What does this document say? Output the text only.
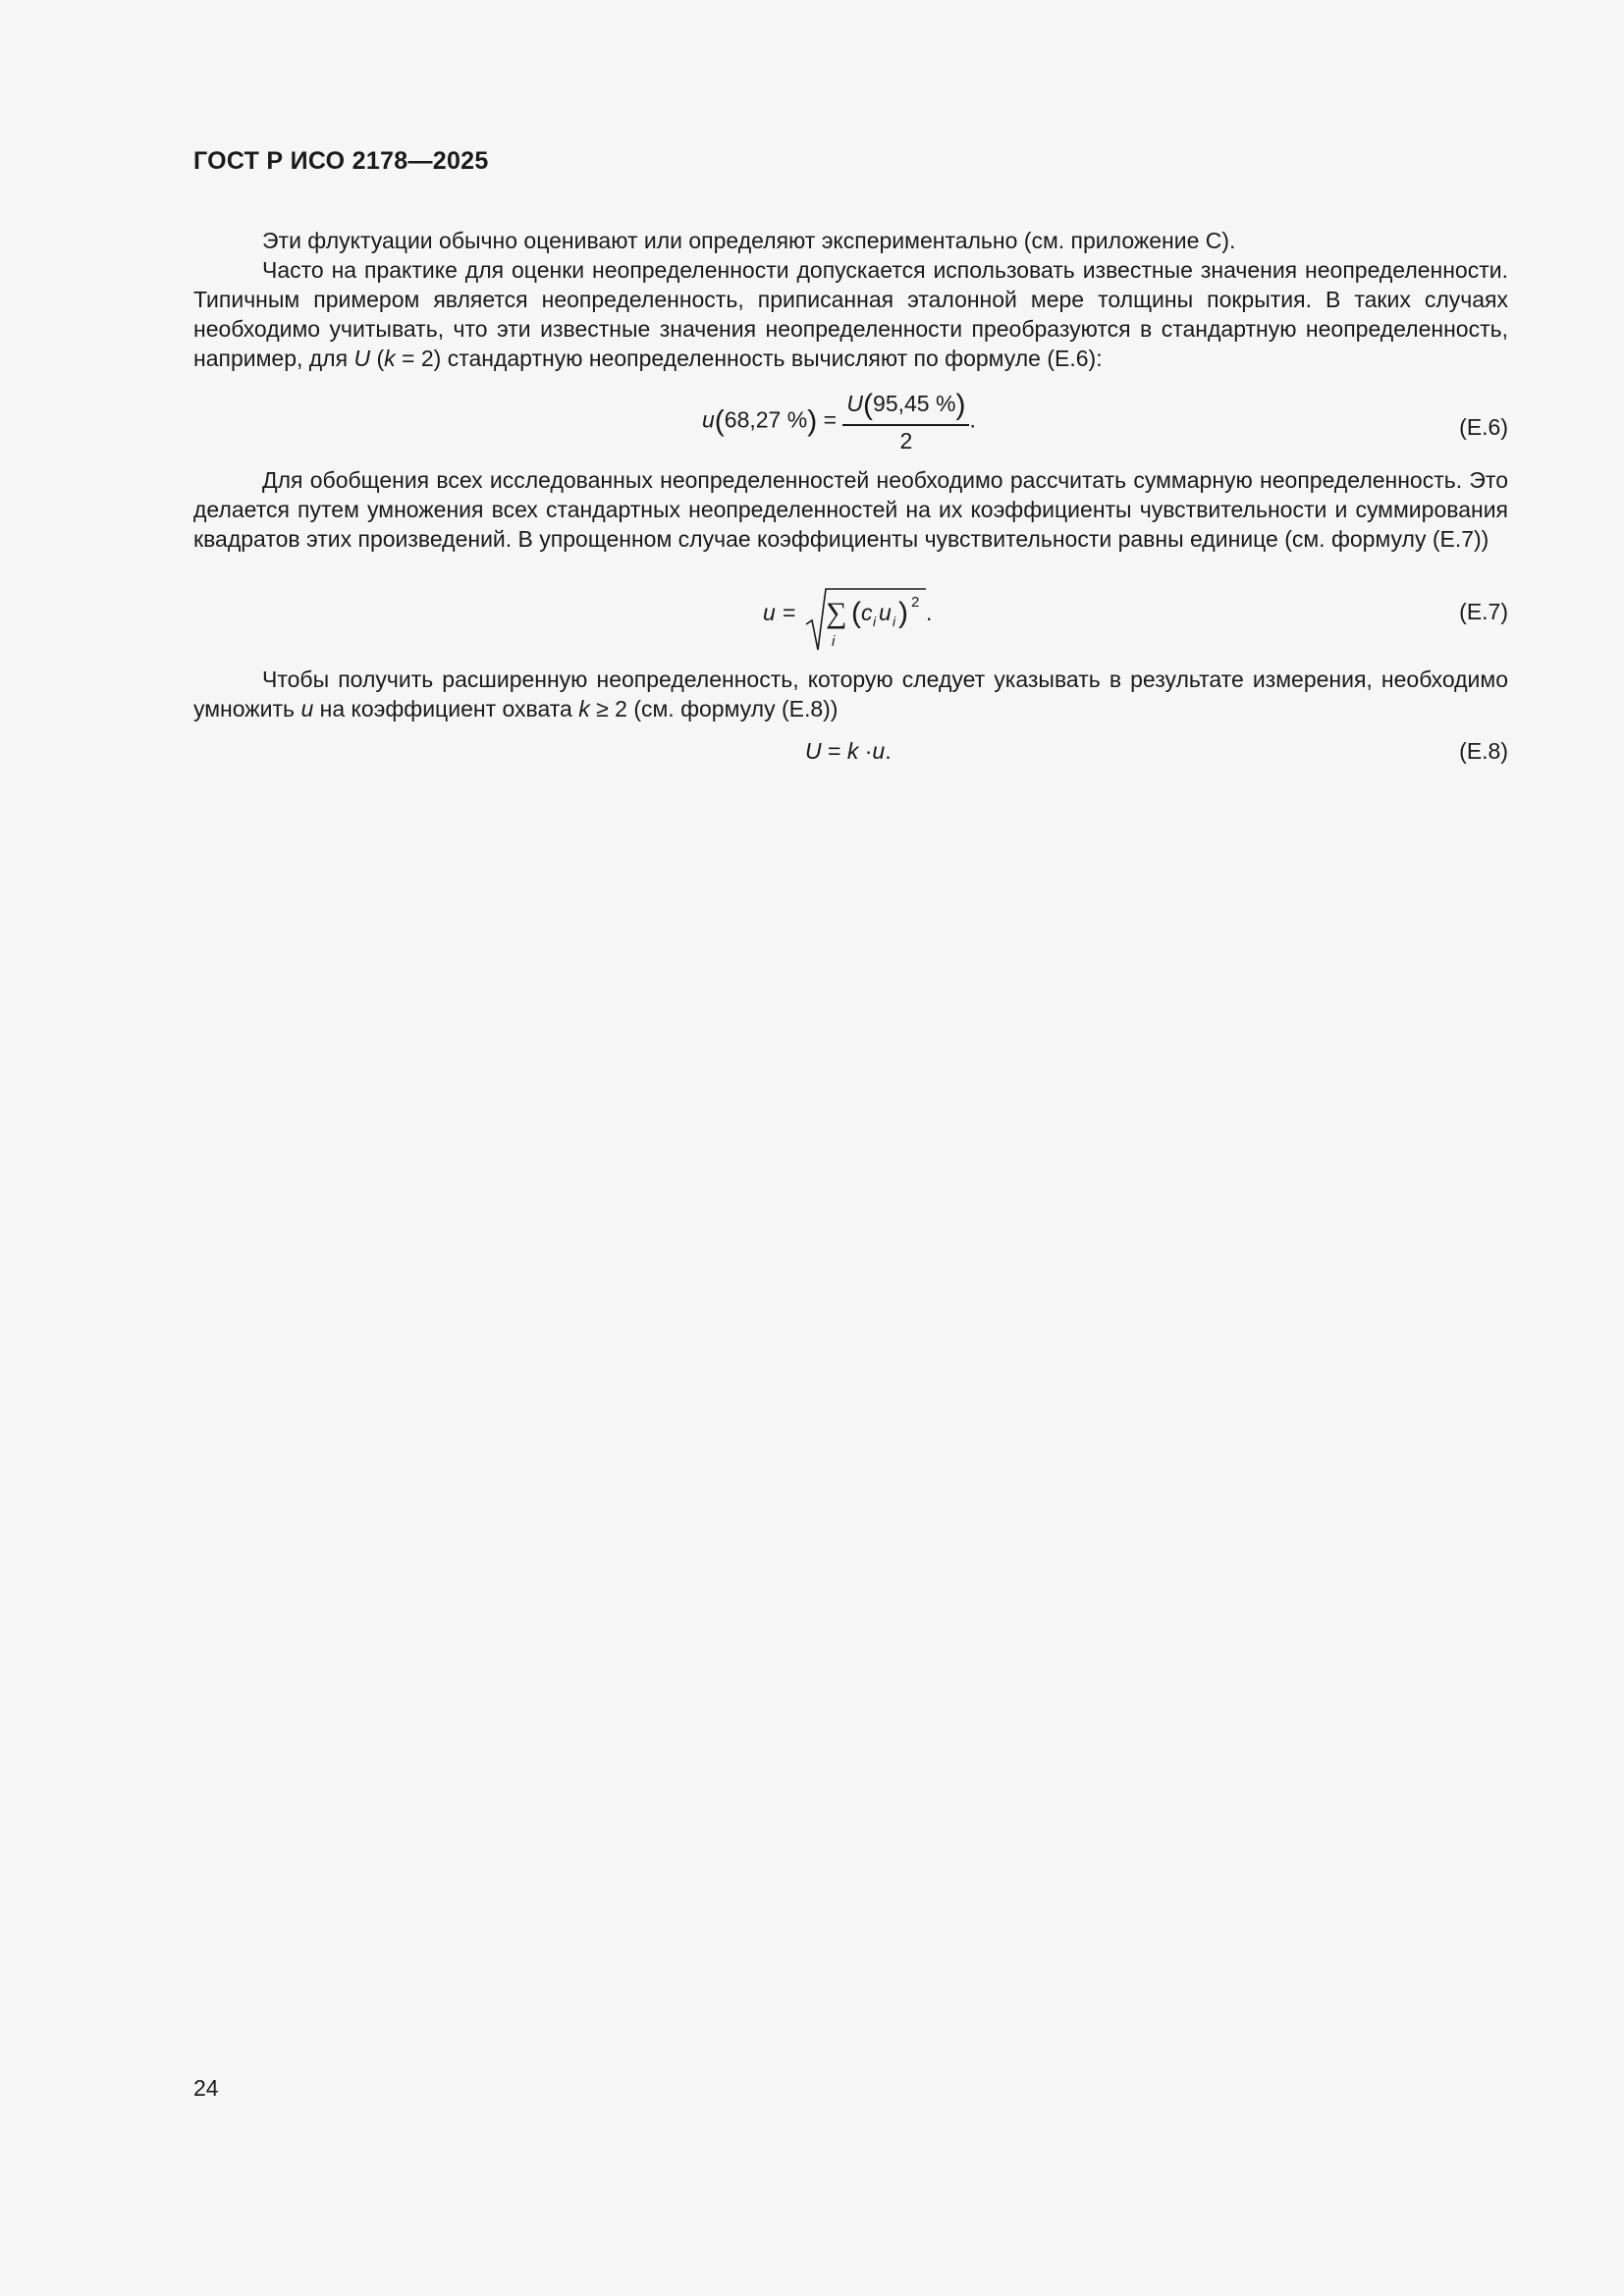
ГОСТ Р ИСО 2178—2025

Эти флуктуации обычно оценивают или определяют экспериментально (см. приложение C).

Часто на практике для оценки неопределенности допускается использовать известные значения неопределенности. Типичным примером является неопределенность, приписанная эталонной мере толщины покрытия. В таких случаях необходимо учитывать, что эти известные значения неопределенности преобразуются в стандартную неопределенность, например, для U (k = 2) стандартную неопределенность вычисляют по формуле (Е.6):

u(68,27 %) = $\frac{U(95,45 \%)}{2}$ .	(Е.6)

Для обобщения всех исследованных неопределенностей необходимо рассчитать суммарную неопределенность. Это делается путем умножения всех стандартных неопределенностей на их коэффициенты чувствительности и суммирования квадратов этих произведений. В упрощенном случае коэффициенты чувствительности равны единице (см. формулу (Е.7))

u = ∑
i
( c i u i ) 2 .	(Е.7)

Чтобы получить расширенную неопределенность, которую следует указывать в результате измерения, необходимо умножить u на коэффициент охвата k ≥ 2 (см. формулу (Е.8))

U = k ·u.	(Е.8)
24
